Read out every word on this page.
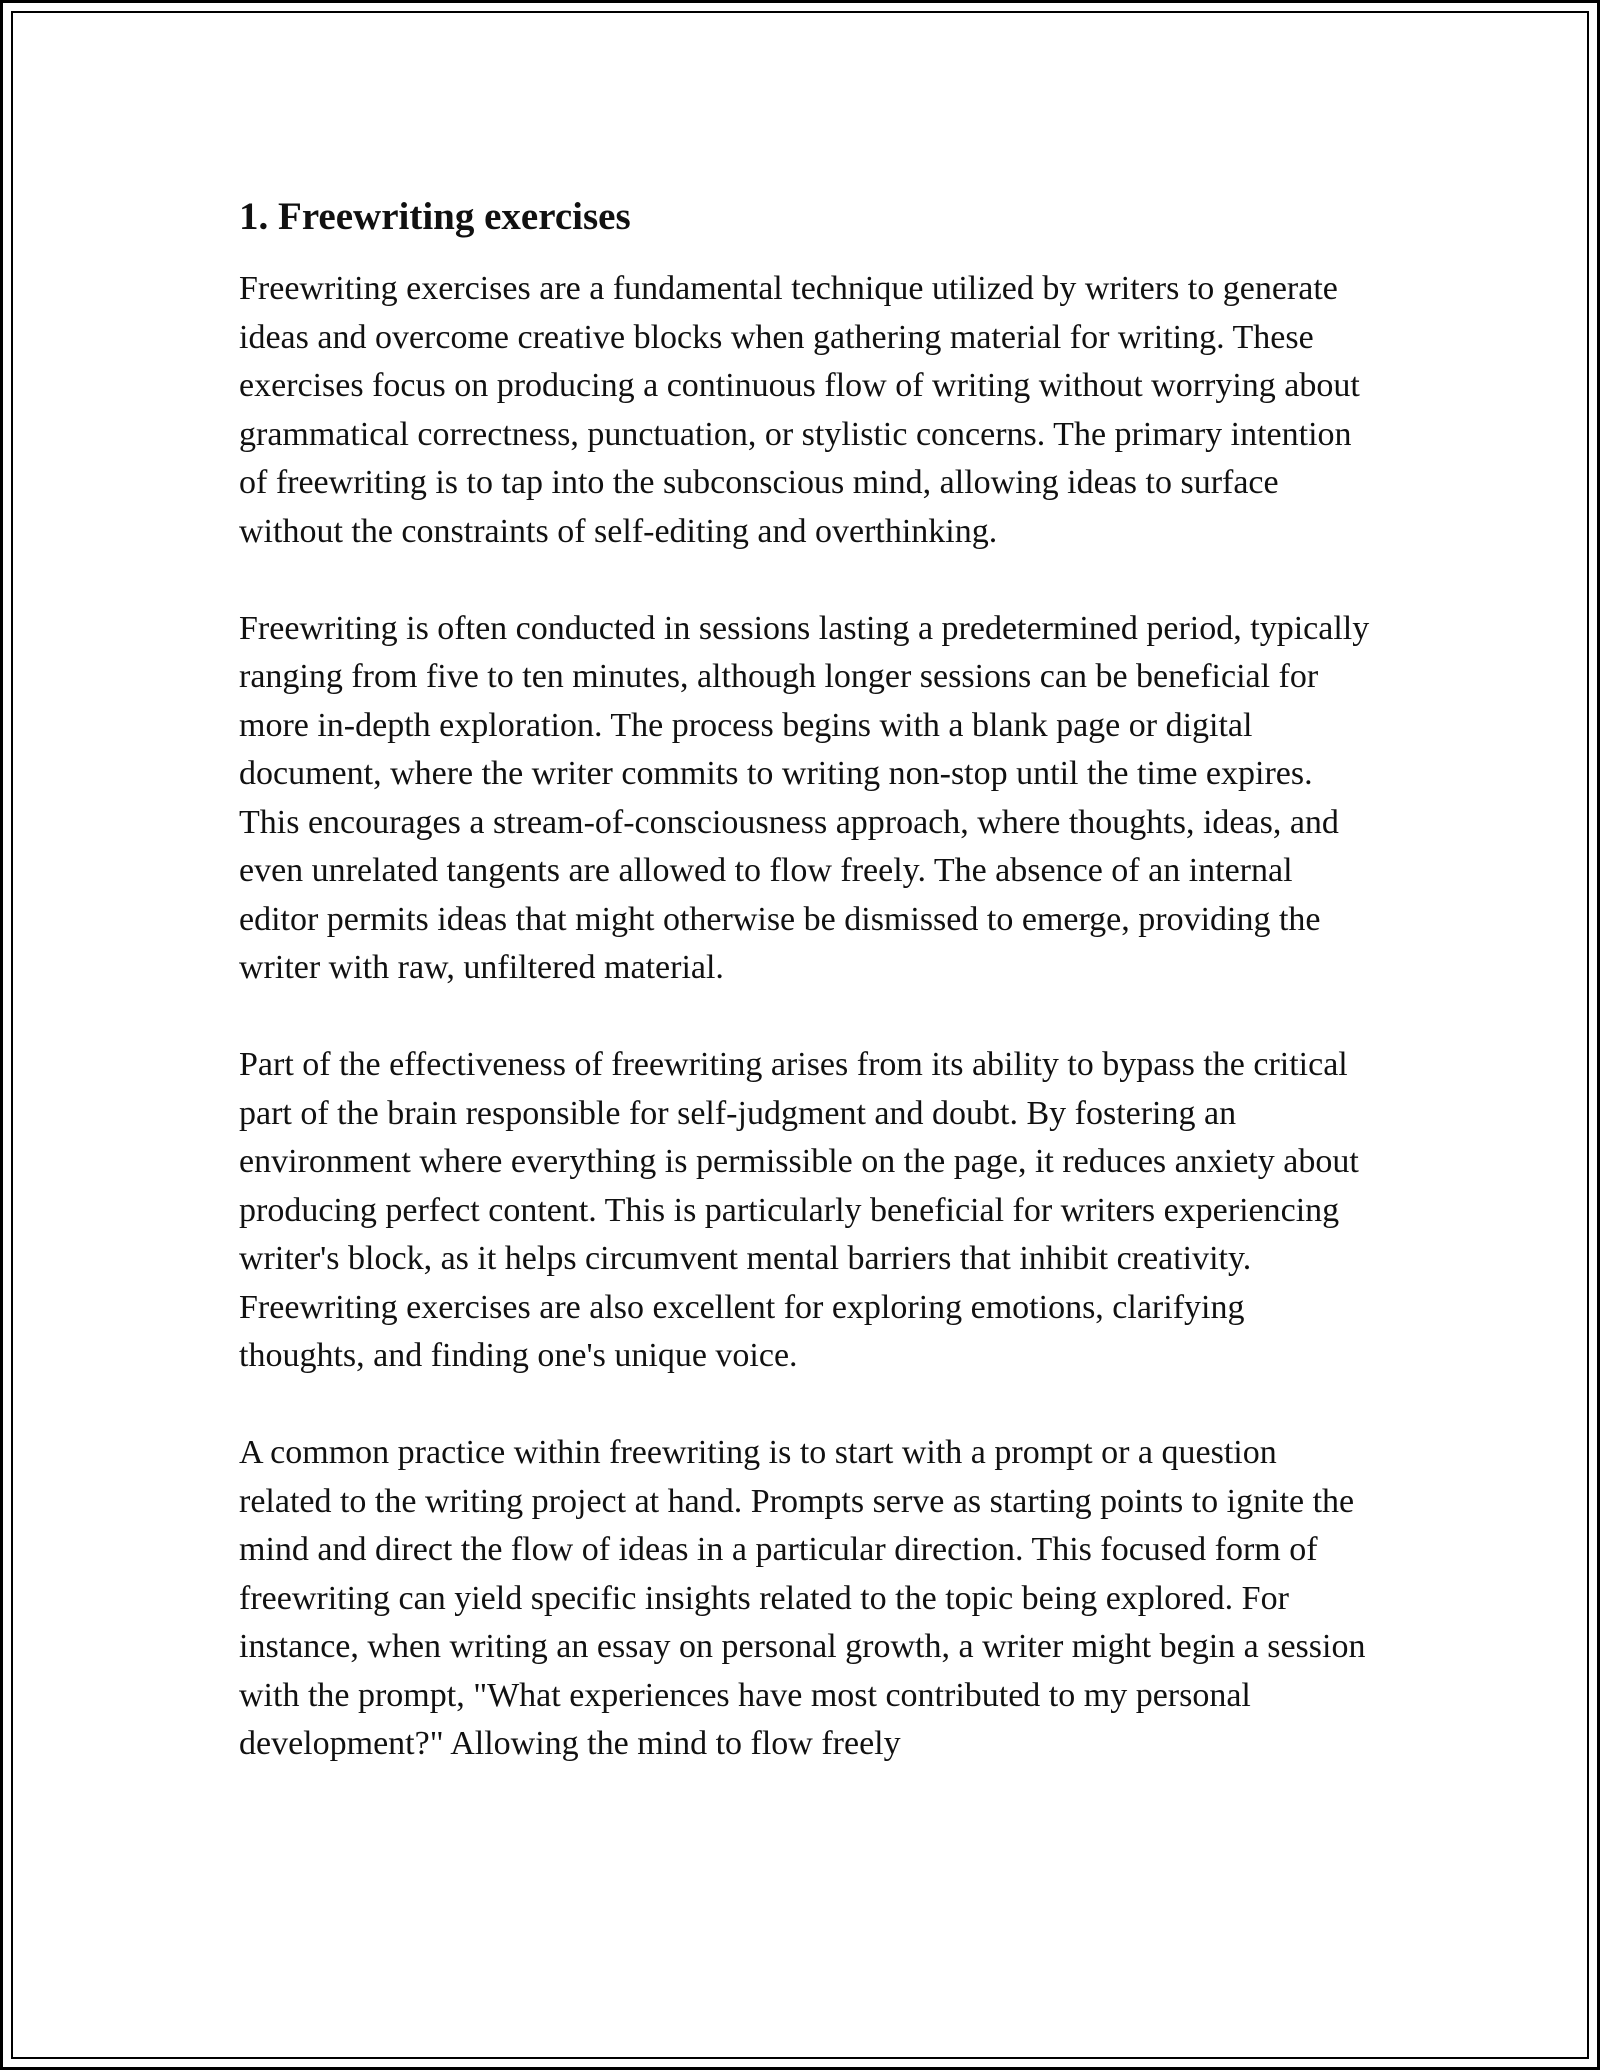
1. Freewriting exercises

Freewriting exercises are a fundamental technique utilized by writers to generate ideas and overcome creative blocks when gathering material for writing. These exercises focus on producing a continuous flow of writing without worrying about grammatical correctness, punctuation, or stylistic concerns. The primary intention of freewriting is to tap into the subconscious mind, allowing ideas to surface without the constraints of self-editing and overthinking.

Freewriting is often conducted in sessions lasting a predetermined period, typically ranging from five to ten minutes, although longer sessions can be beneficial for more in-depth exploration. The process begins with a blank page or digital document, where the writer commits to writing non-stop until the time expires. This encourages a stream-of-consciousness approach, where thoughts, ideas, and even unrelated tangents are allowed to flow freely. The absence of an internal editor permits ideas that might otherwise be dismissed to emerge, providing the writer with raw, unfiltered material.

Part of the effectiveness of freewriting arises from its ability to bypass the critical part of the brain responsible for self-judgment and doubt. By fostering an environment where everything is permissible on the page, it reduces anxiety about producing perfect content. This is particularly beneficial for writers experiencing writer's block, as it helps circumvent mental barriers that inhibit creativity. Freewriting exercises are also excellent for exploring emotions, clarifying thoughts, and finding one's unique voice.

A common practice within freewriting is to start with a prompt or a question related to the writing project at hand. Prompts serve as starting points to ignite the mind and direct the flow of ideas in a particular direction. This focused form of freewriting can yield specific insights related to the topic being explored. For instance, when writing an essay on personal growth, a writer might begin a session with the prompt, "What experiences have most contributed to my personal development?" Allowing the mind to flow freely
